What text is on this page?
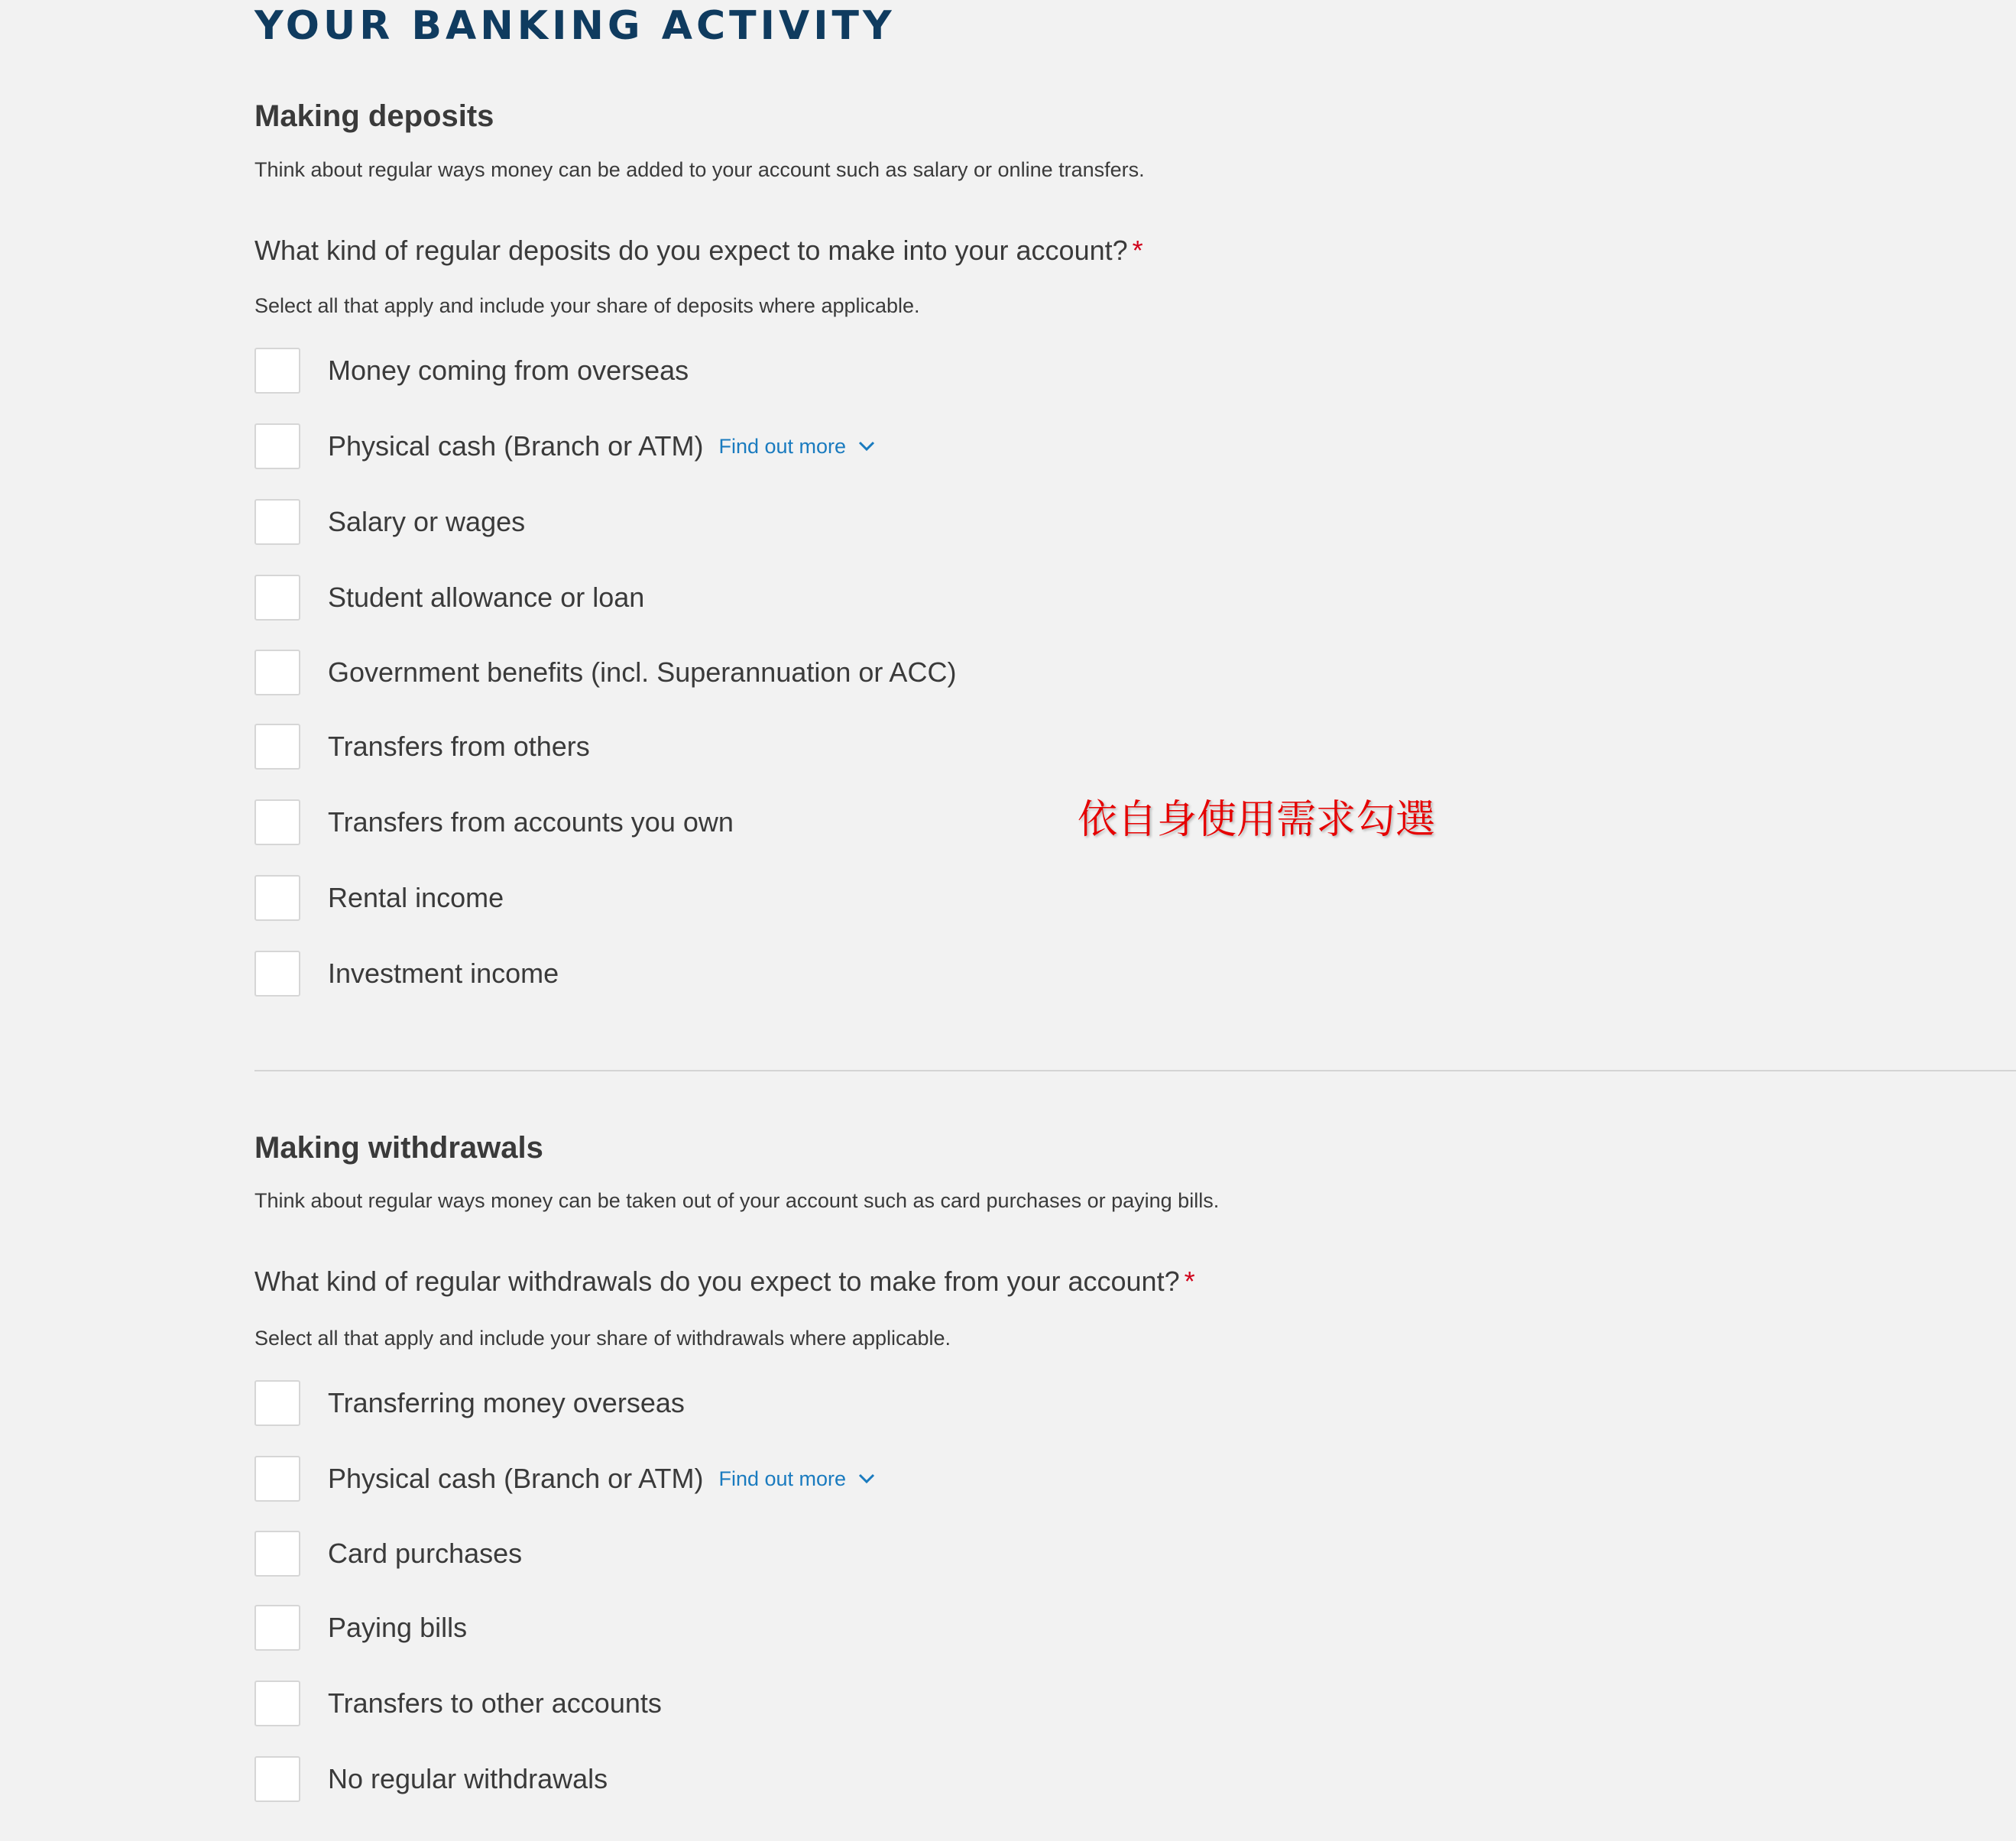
YOUR BANKING ACTIVITY
Making deposits

Think about regular ways money can be added to your account such as salary or online transfers.

What kind of regular deposits do you expect to make into your account? *

Select all that apply and include your share of deposits where applicable.

Money coming from overseas
Physical cash (Branch or ATM) Find out more
Salary or wages
Student allowance or loan
Government benefits (incl. Superannuation or ACC)
Transfers from others
Transfers from accounts you own
Rental income
Investment income
Making withdrawals

Think about regular ways money can be taken out of your account such as card purchases or paying bills.

What kind of regular withdrawals do you expect to make from your account? *

Select all that apply and include your share of withdrawals where applicable.

Transferring money overseas
Physical cash (Branch or ATM) Find out more
Card purchases
Paying bills
Transfers to other accounts
No regular withdrawals
依自身使用需求勾選
